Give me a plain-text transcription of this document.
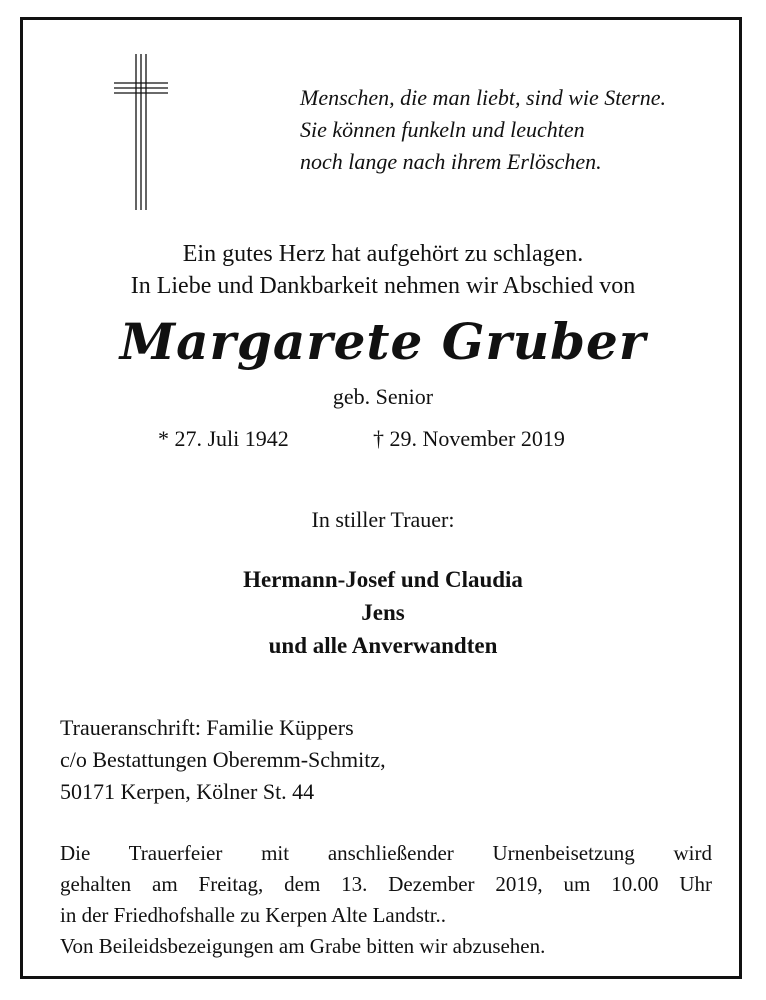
Menschen, die man liebt, sind wie Sterne.
Sie können funkeln und leuchten
noch lange nach ihrem Erlöschen.
Ein gutes Herz hat aufgehört zu schlagen.
In Liebe und Dankbarkeit nehmen wir Abschied von
Margarete Gruber
geb. Senior
* 27. Juli 1942	† 29. November 2019
In stiller Trauer:
Hermann-Josef und Claudia
Jens
und alle Anverwandten
Traueranschrift: Familie Küppers
c/o Bestattungen Oberemm-Schmitz,
50171 Kerpen, Kölner St. 44
Die Trauerfeier mit anschließender Urnenbeisetzung wird
gehalten am Freitag, dem 13. Dezember 2019, um 10.00 Uhr
in der Friedhofshalle zu Kerpen Alte Landstr..
Von Beileidsbezeigungen am Grabe bitten wir abzusehen.
